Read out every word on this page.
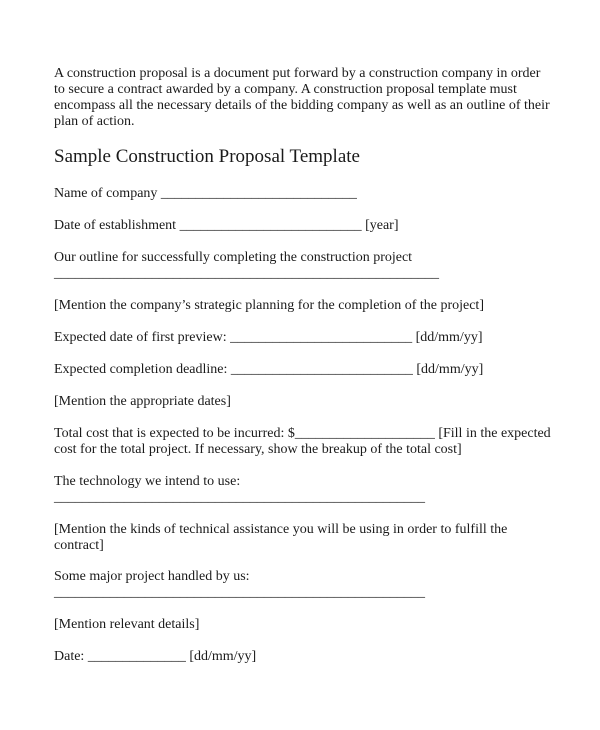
A construction proposal is a document put forward by a construction company in order to secure a contract awarded by a company. A construction proposal template must encompass all the necessary details of the bidding company as well as an outline of their plan of action.

Sample Construction Proposal Template

Name of company ____________________________

Date of establishment __________________________ [year]

Our outline for successfully completing the construction project

_______________________________________________________

[Mention the company’s strategic planning for the completion of the project]

Expected date of first preview: __________________________ [dd/mm/yy]

Expected completion deadline: __________________________ [dd/mm/yy]

[Mention the appropriate dates]

Total cost that is expected to be incurred: $____________________ [Fill in the expected cost for the total project. If necessary, show the breakup of the total cost]

The technology we intend to use:

_____________________________________________________

[Mention the kinds of technical assistance you will be using in order to fulfill the contract]

Some major project handled by us:

_____________________________________________________

[Mention relevant details]

Date: ______________ [dd/mm/yy]
